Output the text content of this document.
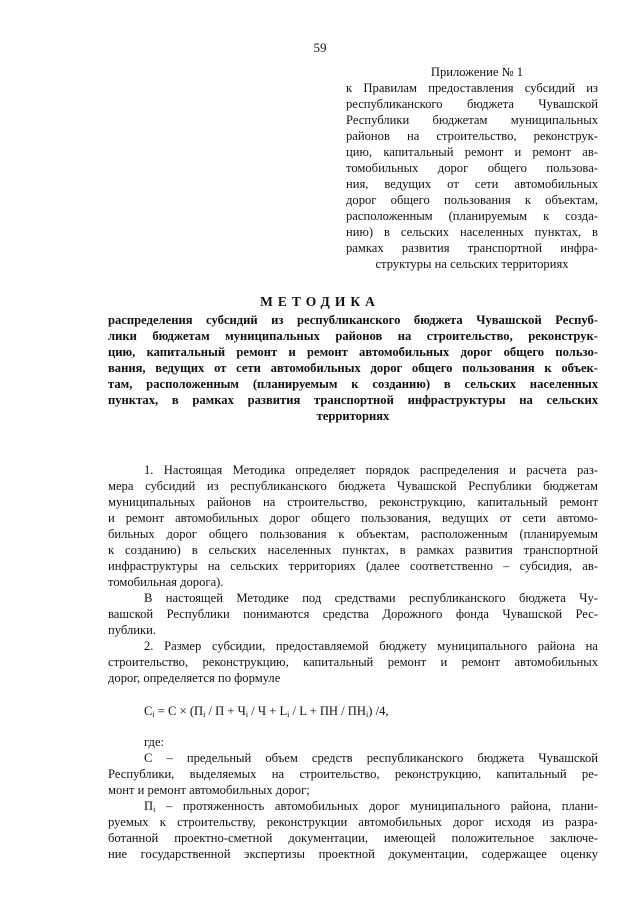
59
Приложение № 1
к Правилам предоставления субсидий из
республиканского бюджета Чувашской
Республики бюджетам муниципальных
районов на строительство, реконструк-
цию, капитальный ремонт и ремонт ав-
томобильных дорог общего пользова-
ния, ведущих от сети автомобильных
дорог общего пользования к объектам,
расположенным (планируемым к созда-
нию) в сельских населенных пунктах, в
рамках развития транспортной инфра-
структуры на сельских территориях
МЕТОДИКА
распределения субсидий из республиканского бюджета Чувашской Респуб-
лики бюджетам муниципальных районов на строительство, реконструк-
цию, капитальный ремонт и ремонт автомобильных дорог общего пользо-
вания, ведущих от сети автомобильных дорог общего пользования к объек-
там, расположенным (планируемым к созданию) в сельских населенных
пунктах, в рамках развития транспортной инфраструктуры на сельских
территориях
1. Настоящая Методика определяет порядок распределения и расчета раз-
мера субсидий из республиканского бюджета Чувашской Республики бюджетам
муниципальных районов на строительство, реконструкцию, капитальный ремонт
и ремонт автомобильных дорог общего пользования, ведущих от сети автомо-
бильных дорог общего пользования к объектам, расположенным (планируемым
к созданию) в сельских населенных пунктах, в рамках развития транспортной
инфраструктуры на сельских территориях (далее соответственно – субсидия, ав-
томобильная дорога).
В настоящей Методике под средствами республиканского бюджета Чу-
вашской Республики понимаются средства Дорожного фонда Чувашской Рес-
публики.
2. Размер субсидии, предоставляемой бюджету муниципального района на
строительство, реконструкцию, капитальный ремонт и ремонт автомобильных
дорог, определяется по формуле
$C_i = C \times (П_i / П + Ч_i / Ч + L_i / L$ + ПН / $ПН_i$) /4,
где:
С – предельный объем средств республиканского бюджета Чувашской
Республики, выделяемых на строительство, реконструкцию, капитальный ре-
монт и ремонт автомобильных дорог;
$П_i$ – протяженность автомобильных дорог муниципального района, плани-
руемых к строительству, реконструкции автомобильных дорог исходя из разра-
ботанной проектно-сметной документации, имеющей положительное заключе-
ние государственной экспертизы проектной документации, содержащее оценку
